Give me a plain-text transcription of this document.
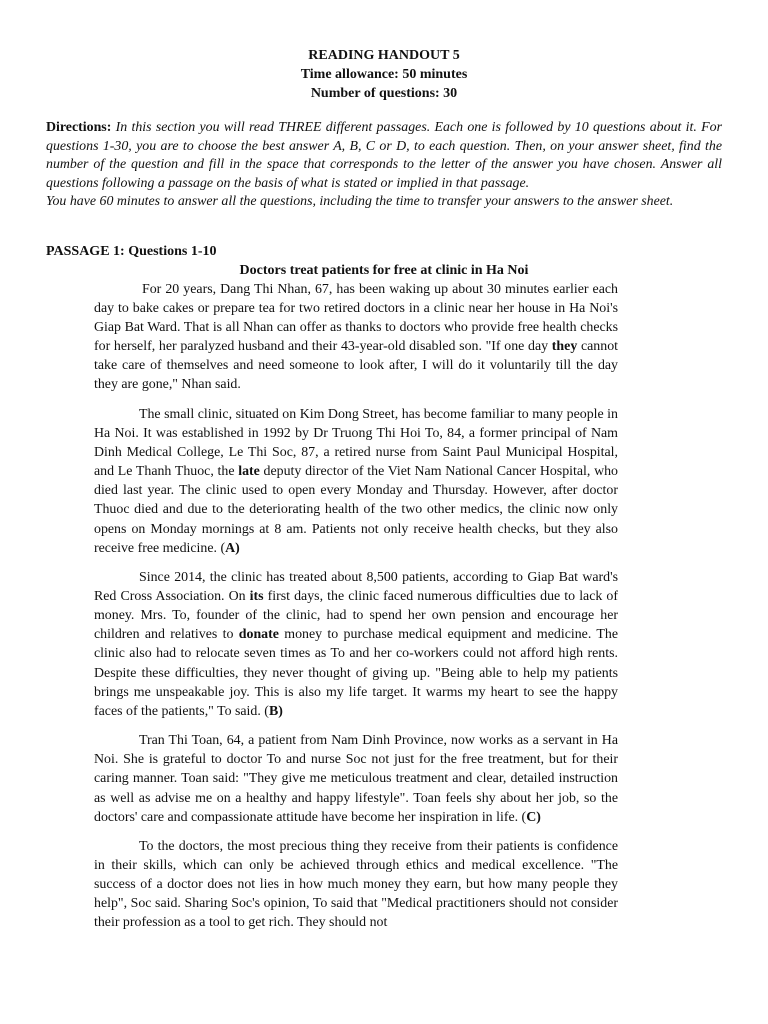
READING HANDOUT 5
Time allowance: 50 minutes
Number of questions: 30
Directions: In this section you will read THREE different passages. Each one is followed by 10 questions about it. For questions 1-30, you are to choose the best answer A, B, C or D, to each question. Then, on your answer sheet, find the number of the question and fill in the space that corresponds to the letter of the answer you have chosen. Answer all questions following a passage on the basis of what is stated or implied in that passage.
You have 60 minutes to answer all the questions, including the time to transfer your answers to the answer sheet.
PASSAGE 1: Questions 1-10
Doctors treat patients for free at clinic in Ha Noi

For 20 years, Dang Thi Nhan, 67, has been waking up about 30 minutes earlier each day to bake cakes or prepare tea for two retired doctors in a clinic near her house in Ha Noi's Giap Bat Ward. That is all Nhan can offer as thanks to doctors who provide free health checks for herself, her paralyzed husband and their 43-year-old disabled son. "If one day they cannot take care of themselves and need someone to look after, I will do it voluntarily till the day they are gone," Nhan said.

The small clinic, situated on Kim Dong Street, has become familiar to many people in Ha Noi. It was established in 1992 by Dr Truong Thi Hoi To, 84, a former principal of Nam Dinh Medical College, Le Thi Soc, 87, a retired nurse from Saint Paul Municipal Hospital, and Le Thanh Thuoc, the late deputy director of the Viet Nam National Cancer Hospital, who died last year. The clinic used to open every Monday and Thursday. However, after doctor Thuoc died and due to the deteriorating health of the two other medics, the clinic now only opens on Monday mornings at 8 am. Patients not only receive health checks, but they also receive free medicine. (A)

Since 2014, the clinic has treated about 8,500 patients, according to Giap Bat ward's Red Cross Association. On its first days, the clinic faced numerous difficulties due to lack of money. Mrs. To, founder of the clinic, had to spend her own pension and encourage her children and relatives to donate money to purchase medical equipment and medicine. The clinic also had to relocate seven times as To and her co-workers could not afford high rents. Despite these difficulties, they never thought of giving up. "Being able to help my patients brings me unspeakable joy. This is also my life target. It warms my heart to see the happy faces of the patients," To said. (B)

Tran Thi Toan, 64, a patient from Nam Dinh Province, now works as a servant in Ha Noi. She is grateful to doctor To and nurse Soc not just for the free treatment, but for their caring manner. Toan said: "They give me meticulous treatment and clear, detailed instruction as well as advise me on a healthy and happy lifestyle". Toan feels shy about her job, so the doctors' care and compassionate attitude have become her inspiration in life. (C)

To the doctors, the most precious thing they receive from their patients is confidence in their skills, which can only be achieved through ethics and medical excellence. "The success of a doctor does not lies in how much money they earn, but how many people they help", Soc said. Sharing Soc's opinion, To said that "Medical practitioners should not consider their profession as a tool to get rich. They should not
